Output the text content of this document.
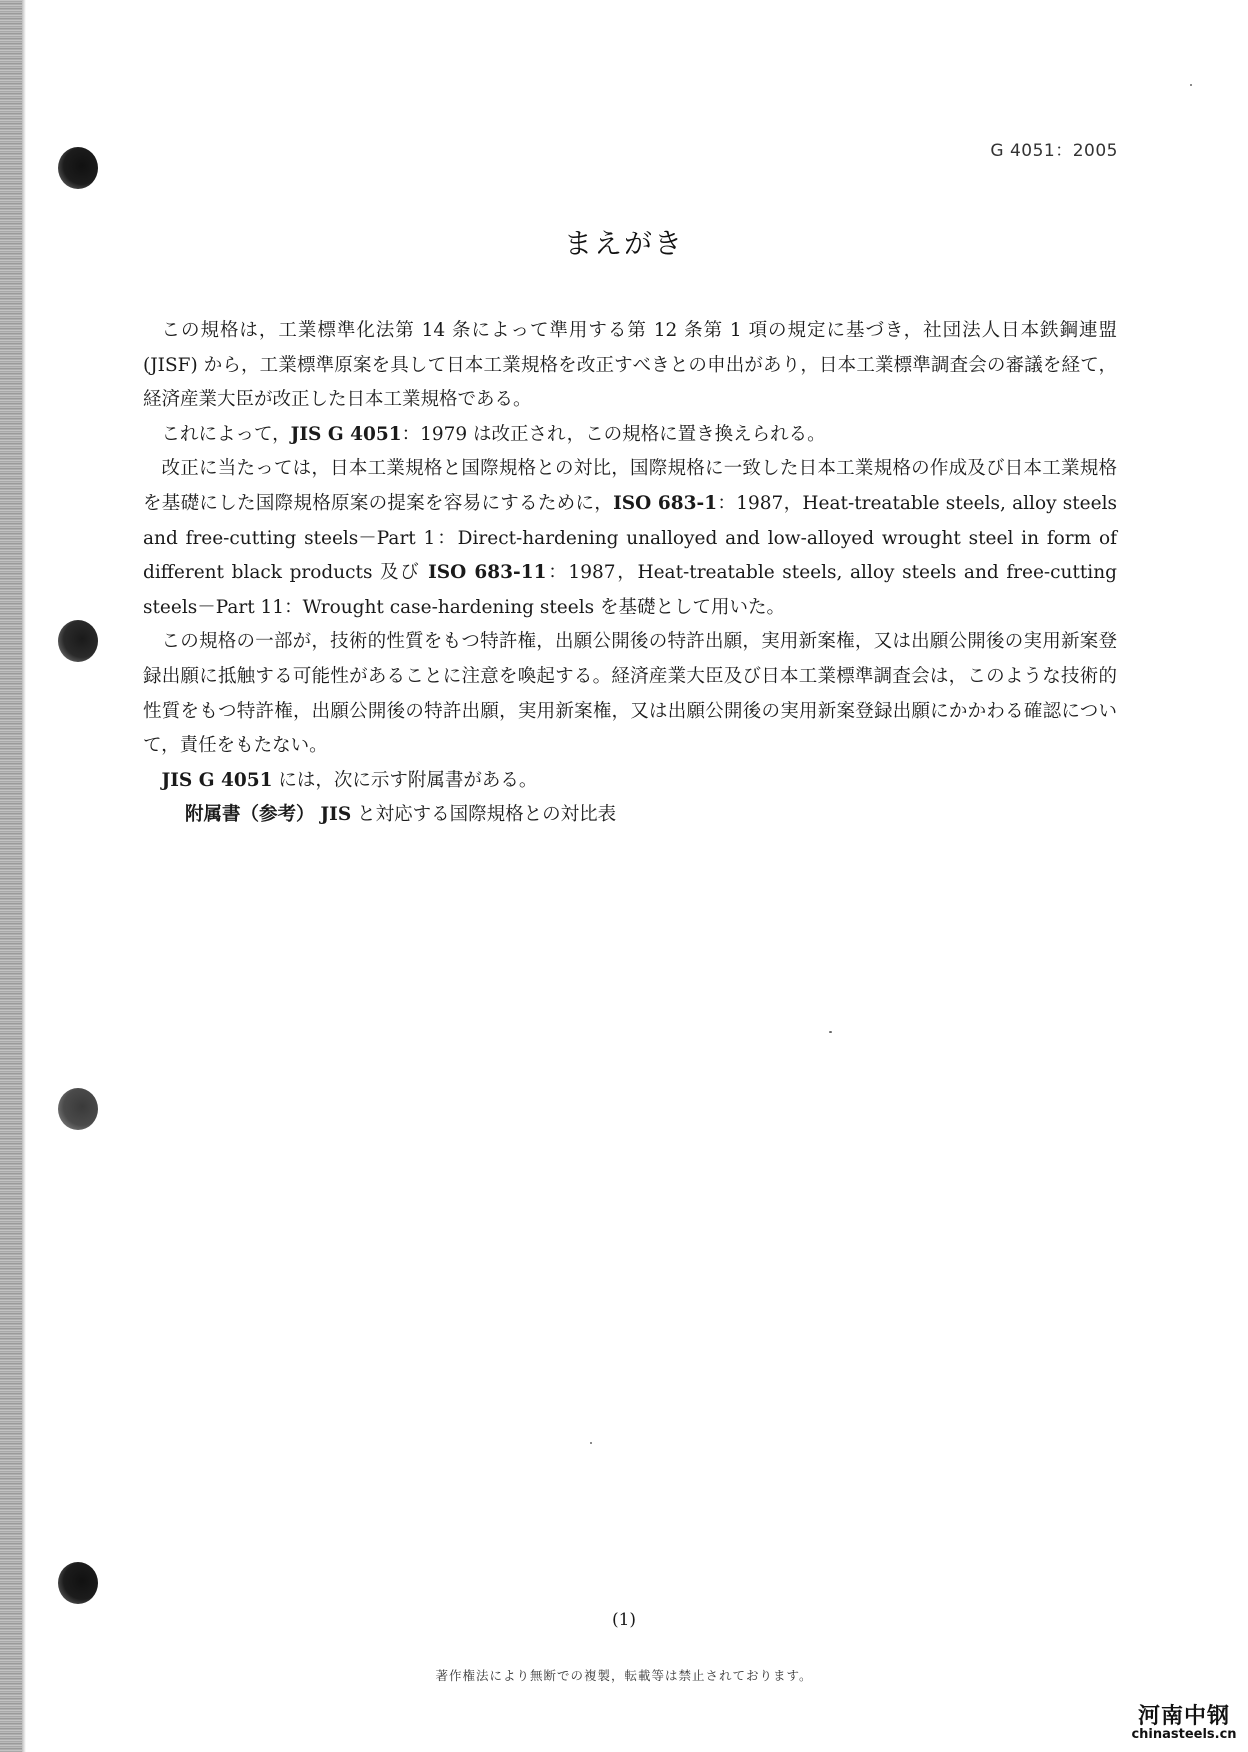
G 4051：2005
まえがき

この規格は，工業標準化法第 14 条によって準用する第 12 条第 1 項の規定に基づき，社団法人日本鉄鋼連盟 (JISF) から，工業標準原案を具して日本工業規格を改正すべきとの申出があり，日本工業標準調査会の審議を経て，経済産業大臣が改正した日本工業規格である。

これによって，JIS G 4051：1979 は改正され，この規格に置き換えられる。

改正に当たっては，日本工業規格と国際規格との対比，国際規格に一致した日本工業規格の作成及び日本工業規格を基礎にした国際規格原案の提案を容易にするために，ISO 683-1：1987，Heat-treatable steels, alloy steels and free-cutting steels－Part 1：Direct-hardening unalloyed and low-alloyed wrought steel in form of different black products 及び ISO 683-11：1987，Heat-treatable steels, alloy steels and free-cutting steels－Part 11：Wrought case-hardening steels を基礎として用いた。

この規格の一部が，技術的性質をもつ特許権，出願公開後の特許出願，実用新案権，又は出願公開後の実用新案登録出願に抵触する可能性があることに注意を喚起する。経済産業大臣及び日本工業標準調査会は，このような技術的性質をもつ特許権，出願公開後の特許出願，実用新案権，又は出願公開後の実用新案登録出願にかかわる確認について，責任をもたない。

JIS G 4051 には，次に示す附属書がある。

附属書（参考） JIS と対応する国際規格との対比表

(1)
著作権法により無断での複製，転載等は禁止されております。
河南中钢
chinasteels.cn
